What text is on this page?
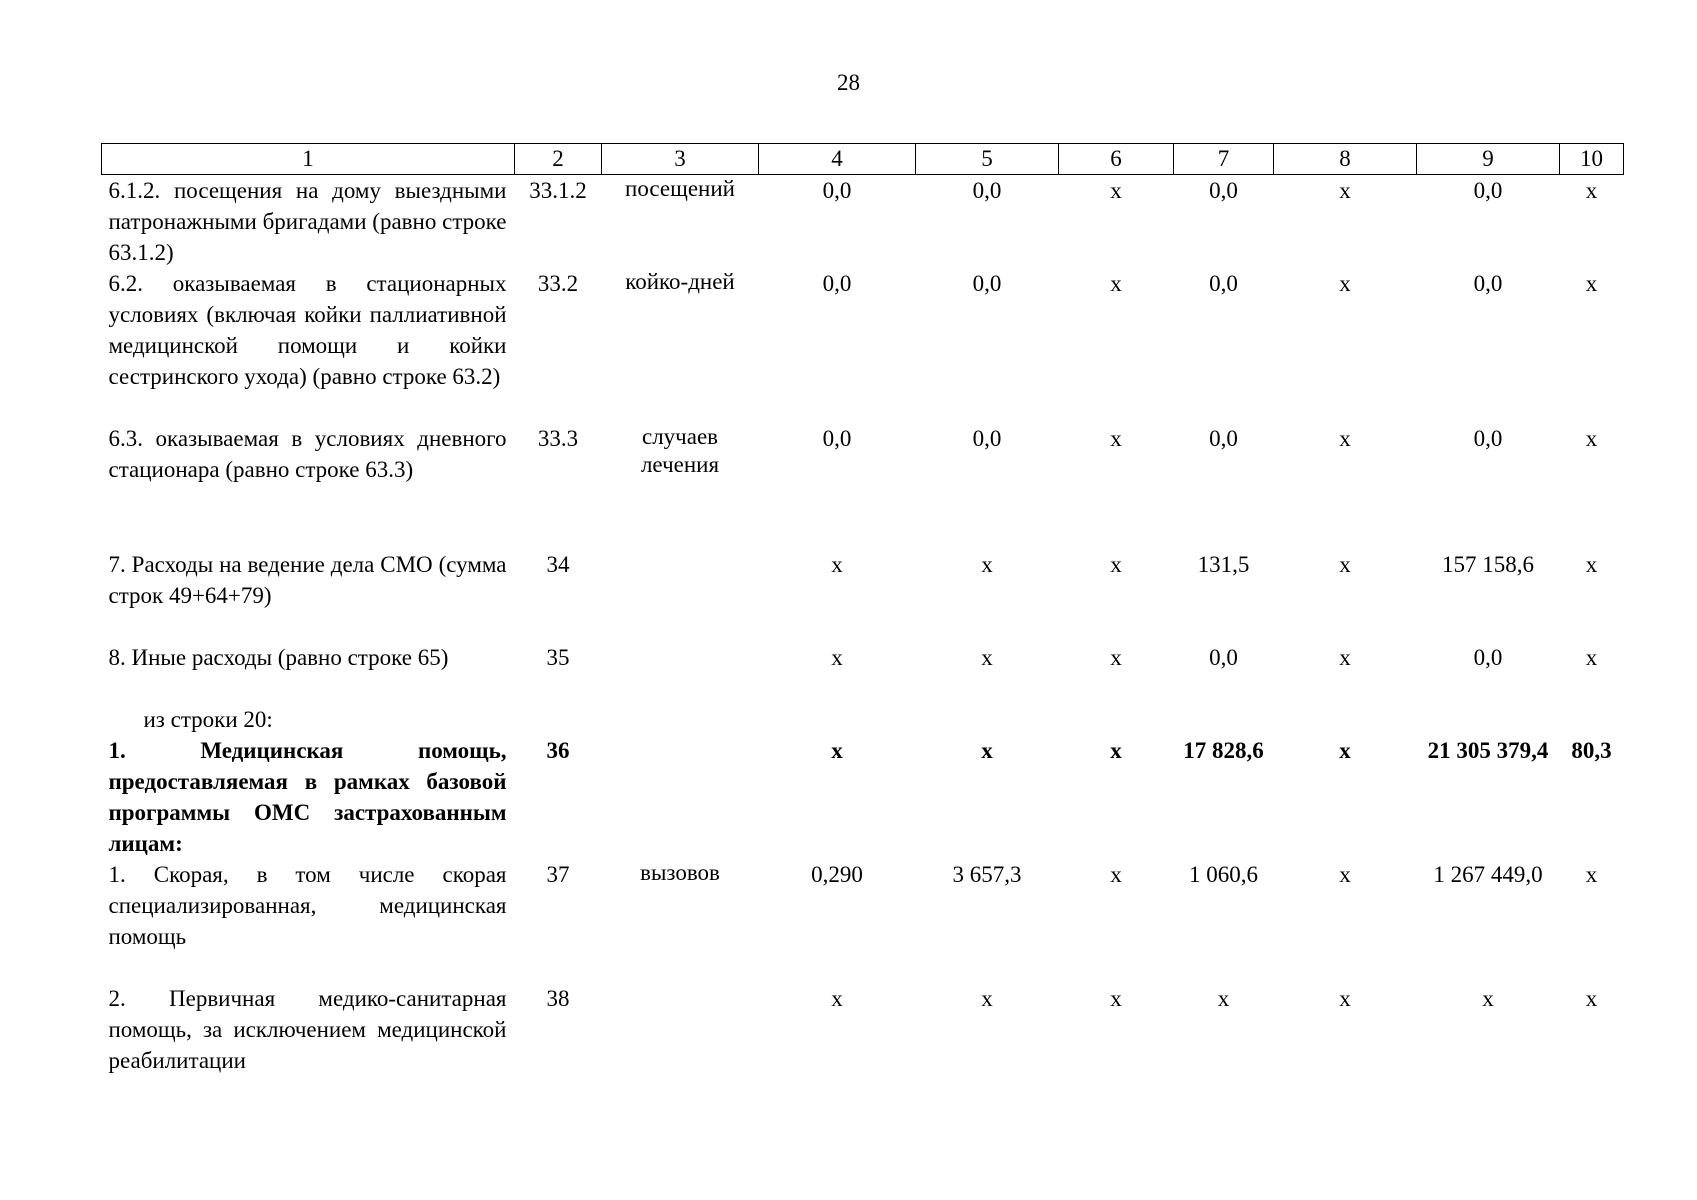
28
1	2	3	4	5	6	7	8	9	10
6.1.2. посещения на дому выездными патронажными бригадами (равно строке 63.1.2)	33.1.2	посещений	0,0	0,0	х	0,0	х	0,0	х
6.2. оказываемая в стационарных условиях (включая койки паллиативной медицинской помощи и койки сестринского ухода) (равно строке 63.2)	33.2	койко-дней	0,0	0,0	х	0,0	х	0,0	х
6.3. оказываемая в условиях дневного стационара (равно строке 63.3)	33.3	случаев лечения	0,0	0,0	х	0,0	х	0,0	х
7. Расходы на ведение дела СМО (сумма строк 49+64+79)	34		х	х	х	131,5	х	157 158,6	х
8. Иные расходы (равно строке 65)	35		х	х	х	0,0	х	0,0	х
из строки 20:									
1. Медицинская помощь, предоставляемая в рамках базовой программы ОМС застрахованным лицам:	36		х	х	х	17 828,6	х	21 305 379,4	80,3
1. Скорая, в том числе скорая специализированная, медицинская помощь	37	вызовов	0,290	3 657,3	х	1 060,6	х	1 267 449,0	х
2. Первичная медико-санитарная помощь, за исключением медицинской реабилитации	38		х	х	х	х	х	х	х
